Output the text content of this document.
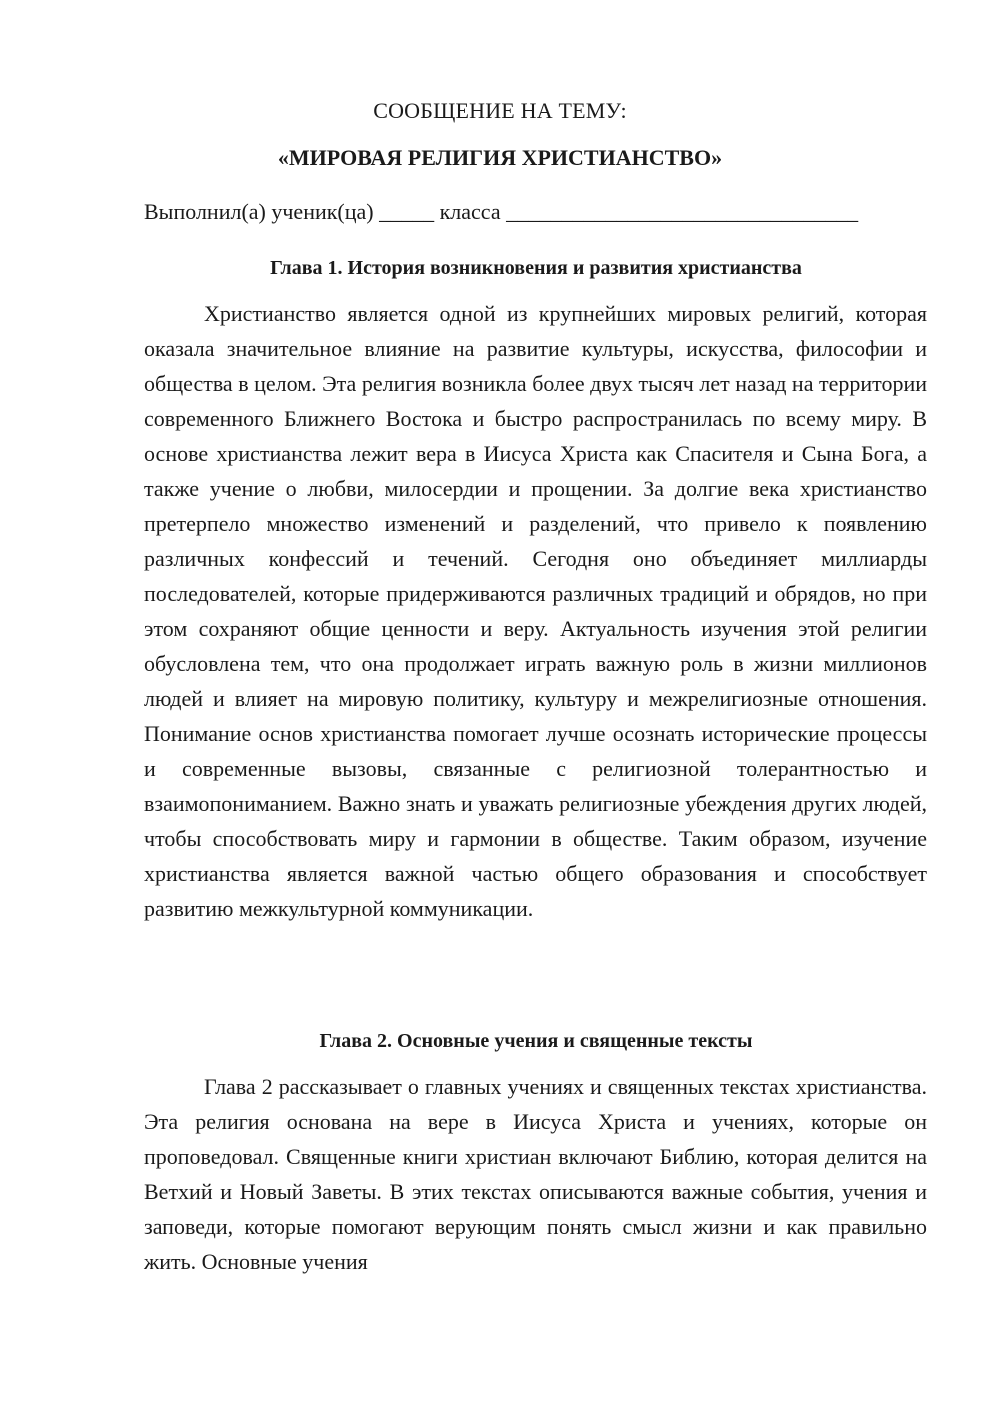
СООБЩЕНИЕ НА ТЕМУ:
«МИРОВАЯ РЕЛИГИЯ ХРИСТИАНСТВО»
Выполнил(а) ученик(ца) _____ класса ________________________________
Глава 1. История возникновения и развития христианства

Христианство является одной из крупнейших мировых религий, которая оказала значительное влияние на развитие культуры, искусства, философии и общества в целом. Эта религия возникла более двух тысяч лет назад на территории современного Ближнего Востока и быстро распространилась по всему миру. В основе христианства лежит вера в Иисуса Христа как Спасителя и Сына Бога, а также учение о любви, милосердии и прощении. За долгие века христианство претерпело множество изменений и разделений, что привело к появлению различных конфессий и течений. Сегодня оно объединяет миллиарды последователей, которые придерживаются различных традиций и обрядов, но при этом сохраняют общие ценности и веру. Актуальность изучения этой религии обусловлена тем, что она продолжает играть важную роль в жизни миллионов людей и влияет на мировую политику, культуру и межрелигиозные отношения. Понимание основ христианства помогает лучше осознать исторические процессы и современные вызовы, связанные с религиозной толерантностью и взаимопониманием. Важно знать и уважать религиозные убеждения других людей, чтобы способствовать миру и гармонии в обществе. Таким образом, изучение христианства является важной частью общего образования и способствует развитию межкультурной коммуникации.

Глава 2. Основные учения и священные тексты

Глава 2 рассказывает о главных учениях и священных текстах христианства. Эта религия основана на вере в Иисуса Христа и учениях, которые он проповедовал. Священные книги христиан включают Библию, которая делится на Ветхий и Новый Заветы. В этих текстах описываются важные события, учения и заповеди, которые помогают верующим понять смысл жизни и как правильно жить. Основные учения
